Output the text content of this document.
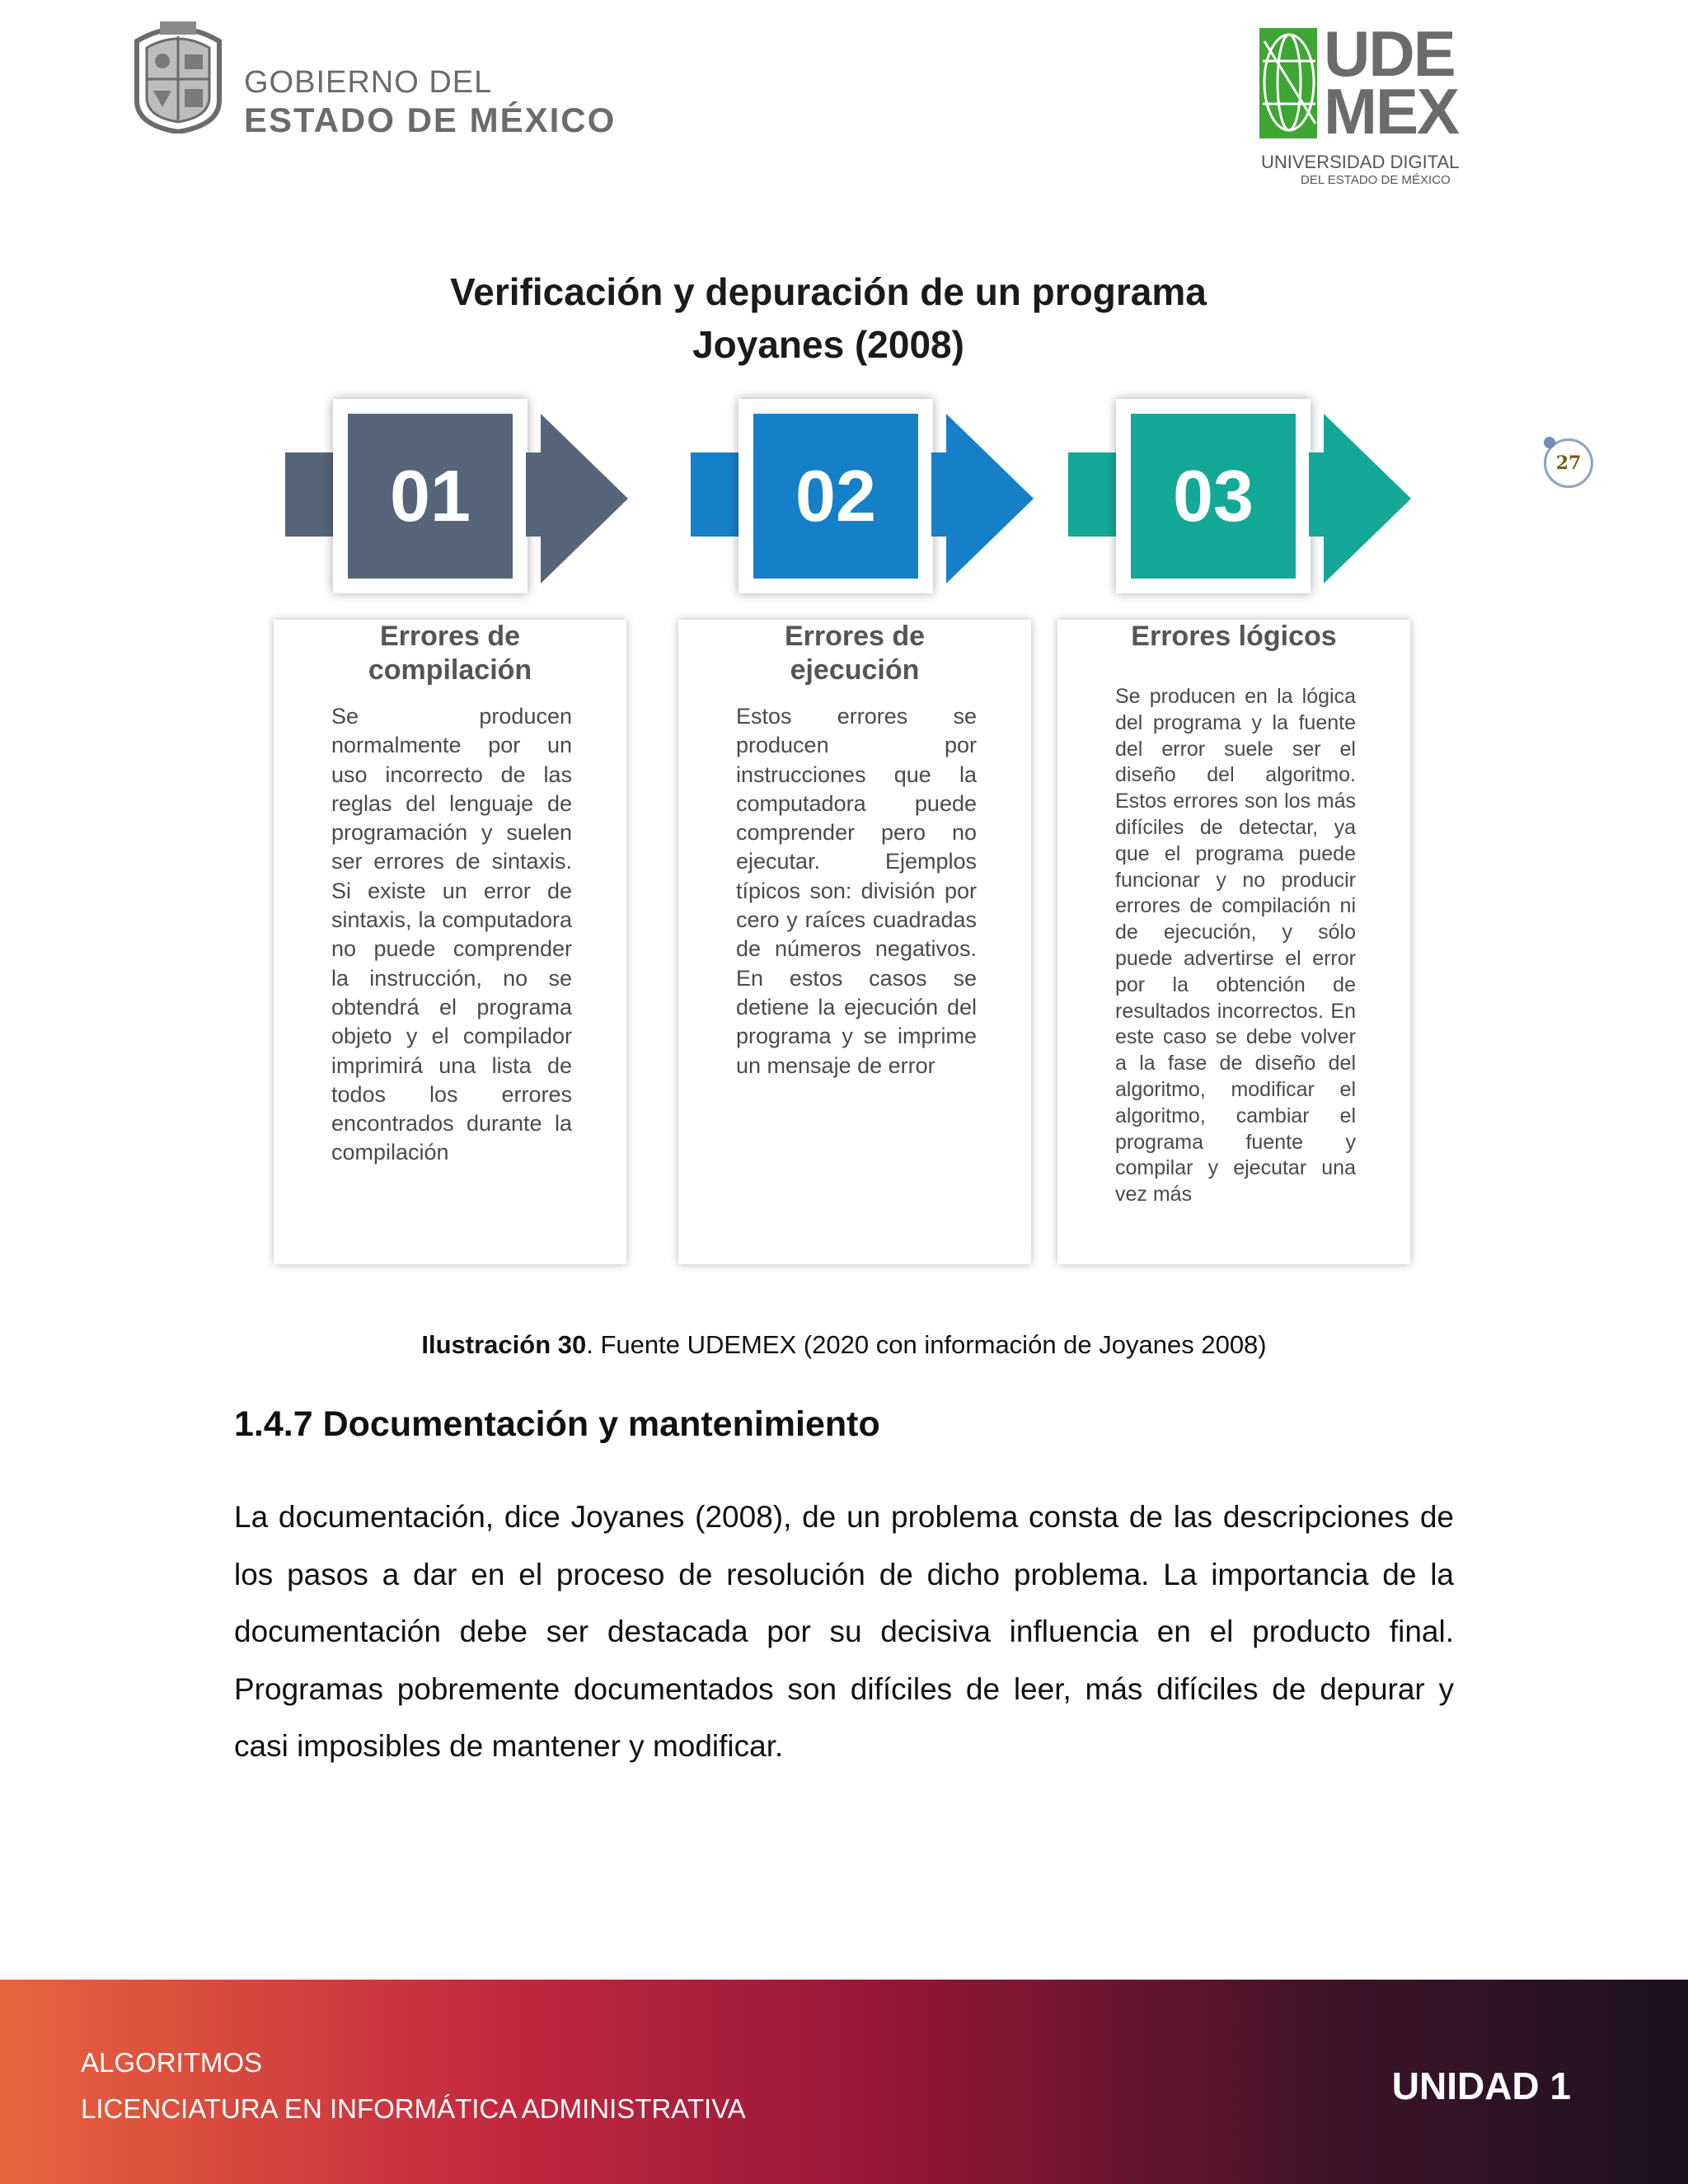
GOBIERNO DEL
ESTADO DE MÉXICO
UDE
MEX
UNIVERSIDAD DIGITAL
DEL ESTADO DE MÉXICO
27
Verificación y depuración de un programa
Joyanes (2008)
01	02	03
Errores de compilación
Se producen normalmente por un uso incorrecto de las reglas del lenguaje de programación y suelen ser errores de sintaxis. Si existe un error de sintaxis, la computadora no puede comprender la instrucción, no se obtendrá el programa objeto y el compilador imprimirá una lista de todos los errores encontrados durante la compilación
Errores de ejecución
Estos errores se producen por instrucciones que la computadora puede comprender pero no ejecutar. Ejemplos típicos son: división por cero y raíces cuadradas de números negativos. En estos casos se detiene la ejecución del programa y se imprime un mensaje de error
Errores lógicos
Se producen en la lógica del programa y la fuente del error suele ser el diseño del algoritmo. Estos errores son los más difíciles de detectar, ya que el programa puede funcionar y no producir errores de compilación ni de ejecución, y sólo puede advertirse el error por la obtención de resultados incorrectos. En este caso se debe volver a la fase de diseño del algoritmo, modificar el algoritmo, cambiar el programa fuente y compilar y ejecutar una vez más
Ilustración 30. Fuente UDEMEX (2020 con información de Joyanes 2008)
1.4.7 Documentación y mantenimiento
La documentación, dice Joyanes (2008), de un problema consta de las descripciones de los pasos a dar en el proceso de resolución de dicho problema. La importancia de la documentación debe ser destacada por su decisiva influencia en el producto final. Programas pobremente documentados son difíciles de leer, más difíciles de depurar y casi imposibles de mantener y modificar.
ALGORITMOS
LICENCIATURA EN INFORMÁTICA ADMINISTRATIVA
UNIDAD 1
